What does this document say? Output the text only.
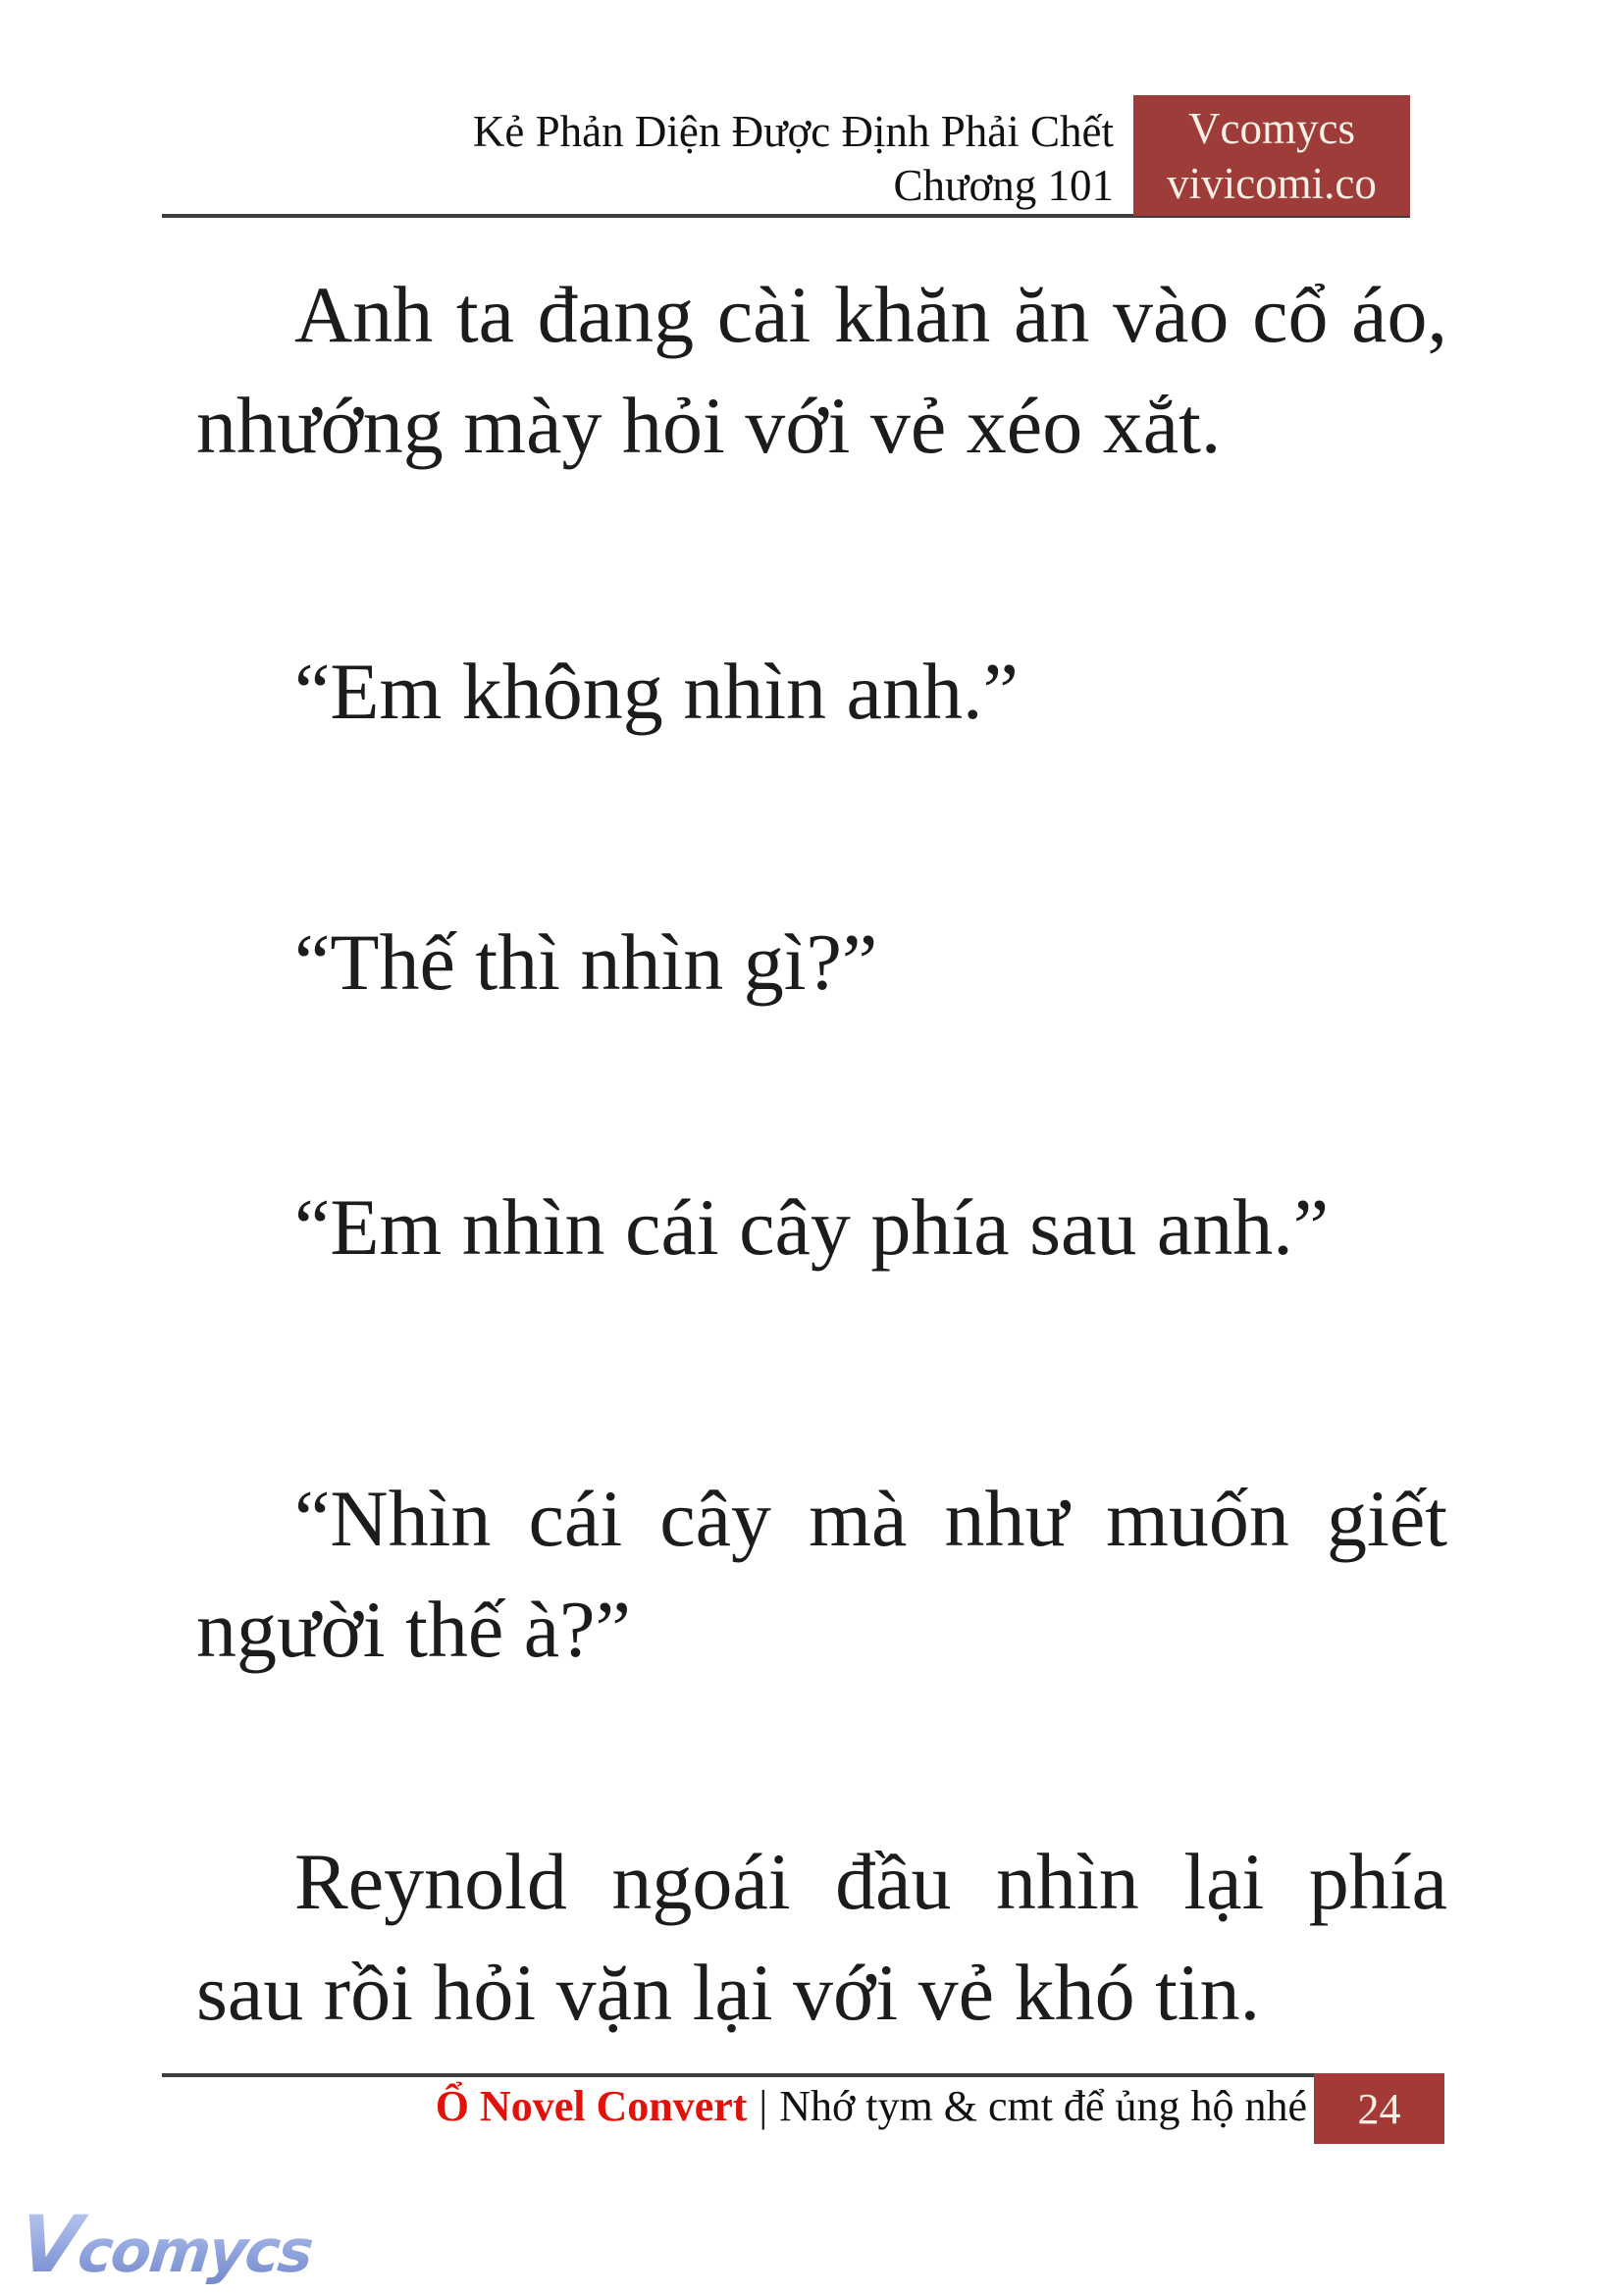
Kẻ Phản Diện Được Định Phải Chết
Chương 101
Vcomycs
vivicomi.co
Anh ta đang cài khăn ăn vào cổ áo,
nhướng mày hỏi với vẻ xéo xắt.
“Em không nhìn anh.”
“Thế thì nhìn gì?”
“Em nhìn cái cây phía sau anh.”
“Nhìn cái cây mà như muốn giết
người thế à?”
Reynold ngoái đầu nhìn lại phía
sau rồi hỏi vặn lại với vẻ khó tin.
Ổ Novel Convert | Nhớ tym & cmt để ủng hộ nhé 24
Vcomycs
